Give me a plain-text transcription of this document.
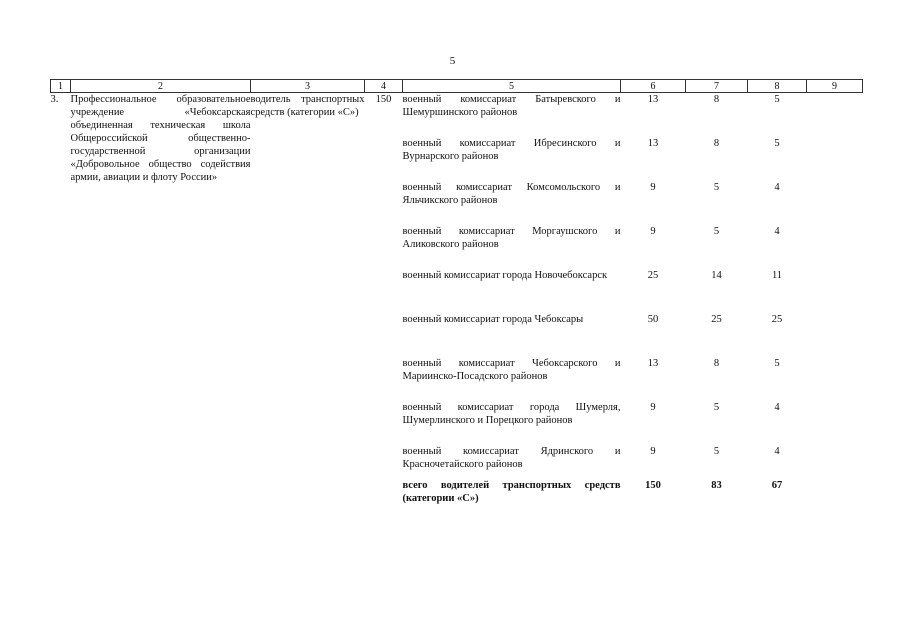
5
1	2	3	4	5	6	7	8	9
3.	Профессиональное образовательное учреждение «Чебоксарская объединенная техническая школа Общероссийской общественно-государственной организации «Добровольное общество содействия армии, авиации и флоту России»	водитель транспортных средств (категории «С»)	150	военный комиссариат Батыревского и Шемуршинского районов	13	8	5	
				военный комиссариат Ибресинского и Вурнарского районов	13	8	5	
				военный комиссариат Комсомольского и Яльчикского районов	9	5	4	
				военный комиссариат Моргаушского и Аликовского районов	9	5	4	
				военный комиссариат города Новочебоксарск	25	14	11	
				военный комиссариат города Чебоксары	50	25	25	
				военный комиссариат Чебоксарского и Мариинско-Посадского районов	13	8	5	
				военный комиссариат города Шумерля, Шумерлинского и Порецкого районов	9	5	4	
				военный комиссариат Ядринского и Красночетайского районов	9	5	4	
				всего водителей транспортных средств (категории «С»)	150	83	67	
